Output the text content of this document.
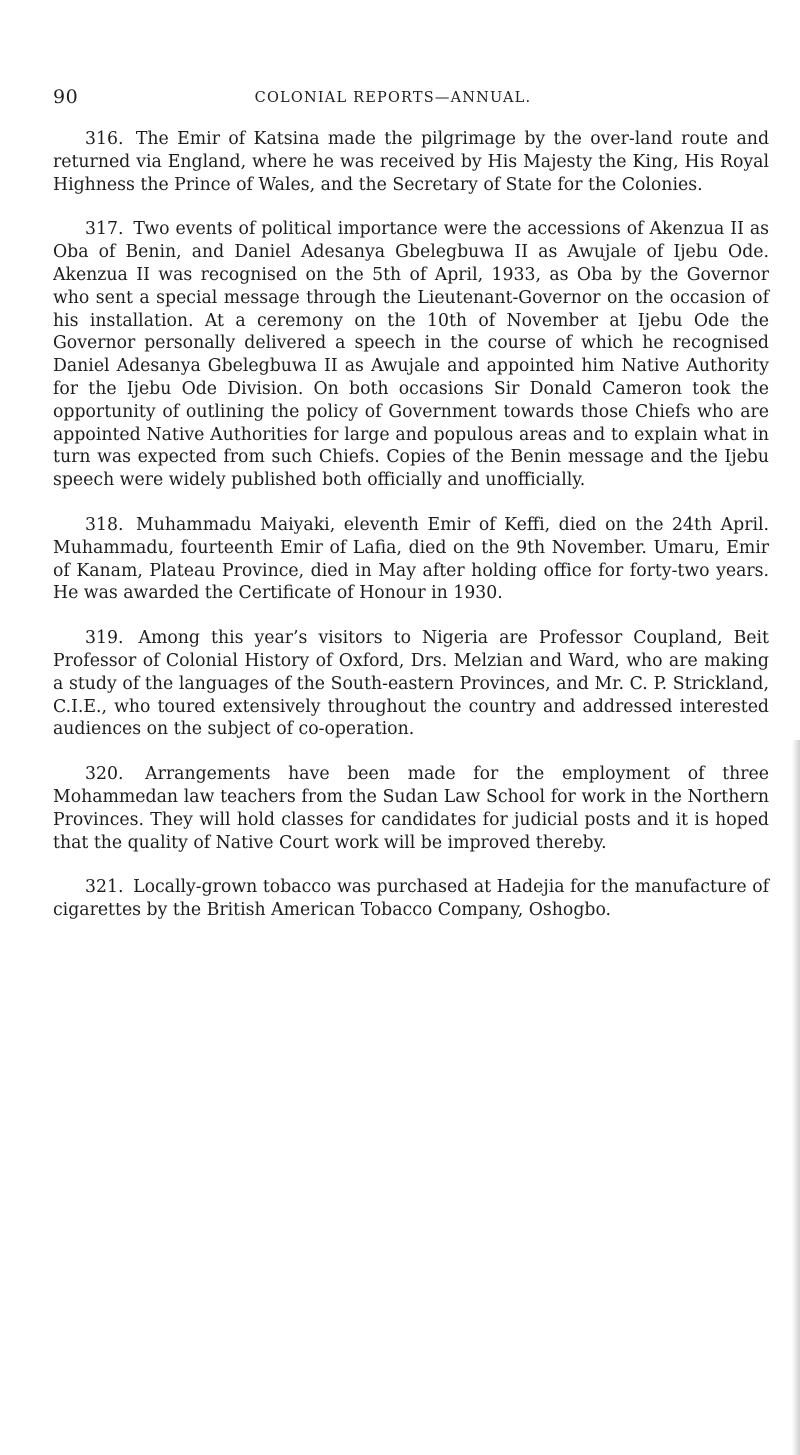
90	COLONIAL REPORTS—ANNUAL.

316. The Emir of Katsina made the pilgrimage by the over-land route and returned via England, where he was received by His Majesty the King, His Royal Highness the Prince of Wales, and the Secretary of State for the Colonies.

317. Two events of political importance were the accessions of Akenzua II as Oba of Benin, and Daniel Adesanya Gbelegbuwa II as Awujale of Ijebu Ode. Akenzua II was recognised on the 5th of April, 1933, as Oba by the Governor who sent a special message through the Lieutenant-Governor on the occasion of his installation. At a ceremony on the 10th of November at Ijebu Ode the Governor personally delivered a speech in the course of which he recognised Daniel Adesanya Gbelegbuwa II as Awujale and appointed him Native Authority for the Ijebu Ode Division. On both occasions Sir Donald Cameron took the opportunity of outlining the policy of Government towards those Chiefs who are appointed Native Authorities for large and populous areas and to explain what in turn was expected from such Chiefs. Copies of the Benin message and the Ijebu speech were widely published both officially and unofficially.

318. Muhammadu Maiyaki, eleventh Emir of Keffi, died on the 24th April. Muhammadu, fourteenth Emir of Lafia, died on the 9th November. Umaru, Emir of Kanam, Plateau Province, died in May after holding office for forty-two years. He was awarded the Certificate of Honour in 1930.

319. Among this year’s visitors to Nigeria are Professor Coupland, Beit Professor of Colonial History of Oxford, Drs. Melzian and Ward, who are making a study of the languages of the South-eastern Provinces, and Mr. C. P. Strickland, C.I.E., who toured extensively throughout the country and addressed interested audiences on the subject of co-operation.

320. Arrangements have been made for the employment of three Mohammedan law teachers from the Sudan Law School for work in the Northern Provinces. They will hold classes for candidates for judicial posts and it is hoped that the quality of Native Court work will be improved thereby.

321. Locally-grown tobacco was purchased at Hadejia for the manufacture of cigarettes by the British American Tobacco Company, Oshogbo.
